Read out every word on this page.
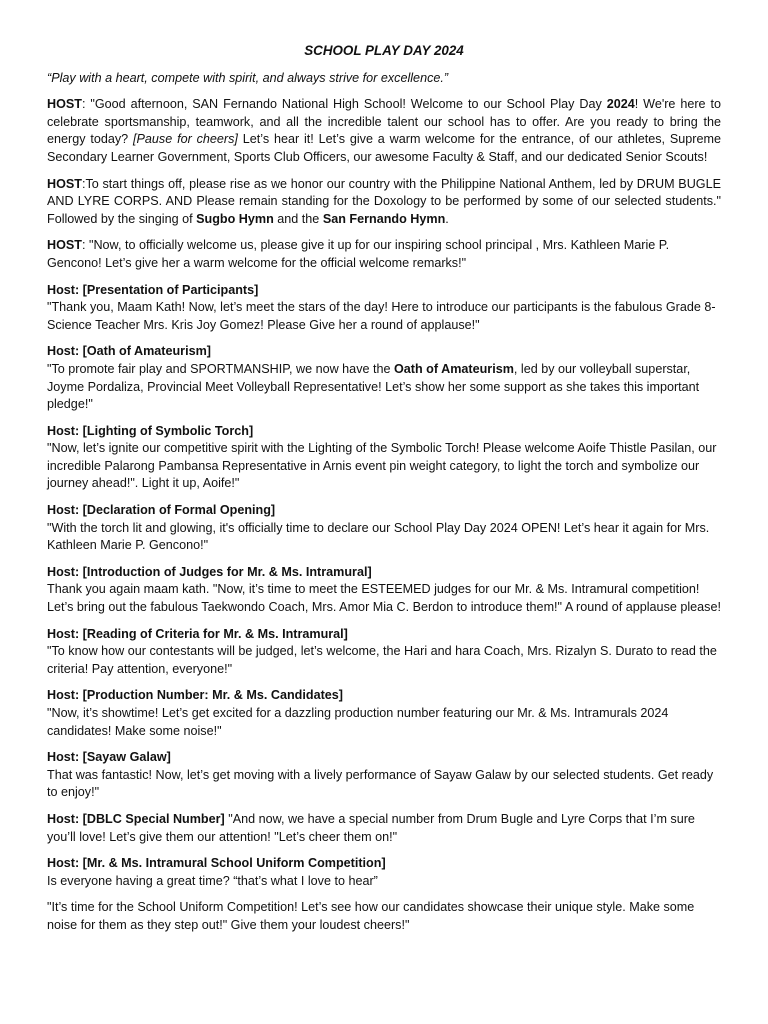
SCHOOL PLAY DAY 2024
“Play with a heart, compete with spirit, and always strive for excellence.”

HOST: "Good afternoon, SAN Fernando National High School! Welcome to our School Play Day 2024! We're here to celebrate sportsmanship, teamwork, and all the incredible talent our school has to offer. Are you ready to bring the energy today? [Pause for cheers] Let’s hear it! Let’s give a warm welcome for the entrance, of our athletes, Supreme Secondary Learner Government, Sports Club Officers, our awesome Faculty & Staff, and our dedicated Senior Scouts!

HOST:To start things off, please rise as we honor our country with the Philippine National Anthem, led by DRUM BUGLE AND LYRE CORPS. AND Please remain standing for the Doxology to be performed by some of our selected students." Followed by the singing of Sugbo Hymn and the San Fernando Hymn.

HOST: "Now, to officially welcome us, please give it up for our inspiring school principal , Mrs. Kathleen Marie P. Gencono! Let’s give her a warm welcome for the official welcome remarks!"

Host: [Presentation of Participants]
"Thank you, Maam Kath! Now, let’s meet the stars of the day! Here to introduce our participants is the fabulous Grade 8-Science Teacher Mrs. Kris Joy Gomez! Please Give her a round of applause!"

Host: [Oath of Amateurism]
"To promote fair play and SPORTMANSHIP, we now have the Oath of Amateurism, led by our volleyball superstar, Joyme Pordaliza, Provincial Meet Volleyball Representative! Let’s show her some support as she takes this important pledge!"

Host: [Lighting of Symbolic Torch]
"Now, let’s ignite our competitive spirit with the Lighting of the Symbolic Torch! Please welcome Aoife Thistle Pasilan, our incredible Palarong Pambansa Representative in Arnis event pin weight category, to light the torch and symbolize our journey ahead!". Light it up, Aoife!"

Host: [Declaration of Formal Opening]
"With the torch lit and glowing, it's officially time to declare our School Play Day 2024 OPEN! Let’s hear it again for Mrs. Kathleen Marie P. Gencono!"

Host: [Introduction of Judges for Mr. & Ms. Intramural]
Thank you again maam kath. "Now, it’s time to meet the ESTEEMED judges for our Mr. & Ms. Intramural competition! Let’s bring out the fabulous Taekwondo Coach, Mrs. Amor Mia C. Berdon to introduce them!" A round of applause please!

Host: [Reading of Criteria for Mr. & Ms. Intramural]
"To know how our contestants will be judged, let’s welcome, the Hari and hara Coach, Mrs. Rizalyn S. Durato to read the criteria! Pay attention, everyone!"

Host: [Production Number: Mr. & Ms. Candidates]
"Now, it’s showtime! Let’s get excited for a dazzling production number featuring our Mr. & Ms. Intramurals 2024 candidates! Make some noise!"

Host: [Sayaw Galaw]
That was fantastic! Now, let’s get moving with a lively performance of Sayaw Galaw by our selected students. Get ready to enjoy!"

Host: [DBLC Special Number] "And now, we have a special number from Drum Bugle and Lyre Corps that I’m sure you’ll love! Let’s give them our attention! "Let’s cheer them on!"

Host: [Mr. & Ms. Intramural School Uniform Competition]
Is everyone having a great time? “that’s what I love to hear”

"It’s time for the School Uniform Competition! Let’s see how our candidates showcase their unique style. Make some noise for them as they step out!" Give them your loudest cheers!"
